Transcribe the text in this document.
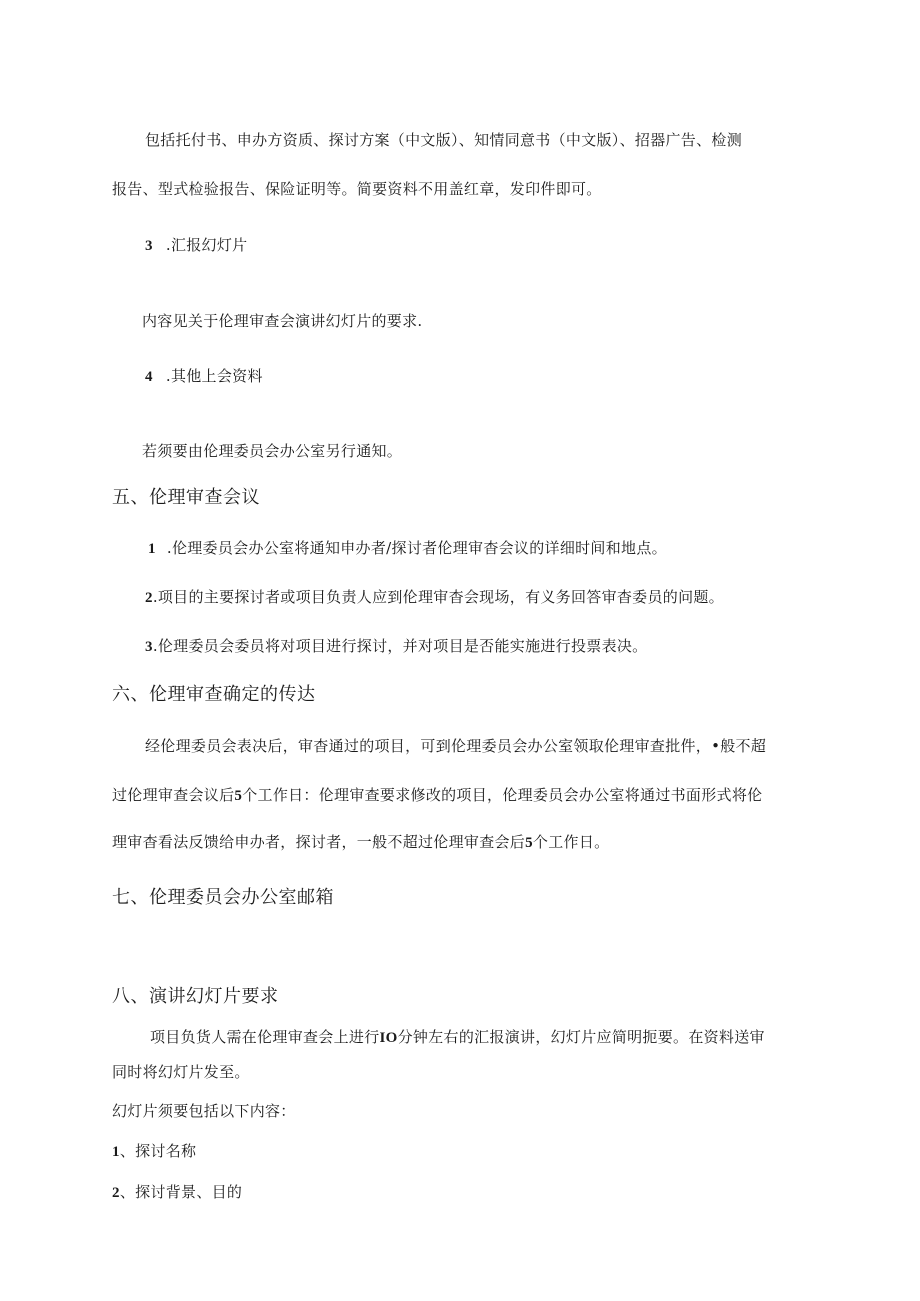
包括托付书、申办方资质、探讨方案（中文版）、知情同意书（中文版）、招器广告、检测
报告、型式检验报告、保险证明等。简要资料不用盖红章，发印件即可。
3 .汇报幻灯片
内容见关于伦理审查会演讲幻灯片的要求.
4 .其他上会资料
若须要由伦理委员会办公室另行通知。
五、伦理审查会议
1 .伦理委员会办公室将通知申办者/探讨者伦理审杳会议的详细时间和地点。
2.项目的主要探讨者或项目负责人应到伦理审杳会现场，有义务回答审杳委员的问题。
3.伦理委员会委员将对项目进行探讨，并对项目是否能实施进行投票表决。
六、伦理审查确定的传达
经伦理委员会表决后，审杳通过的项目，可到伦理委员会办公室领取伦理审查批件，•般不超
过伦理审查会议后5个工作日：伦理审查要求修改的项目，伦理委员会办公室将通过书面形式将伦
理审杳看法反馈给申办者，探讨者，一般不超过伦理审查会后5个工作日。
七、伦理委员会办公室邮箱
八、演讲幻灯片要求
项目负货人需在伦理审查会上进行IO分钟左右的汇报演讲，幻灯片应简明扼要。在资料送审
同时将幻灯片发至。
幻灯片须要包括以下内容：
1、探讨名称
2、探讨背景、目的
